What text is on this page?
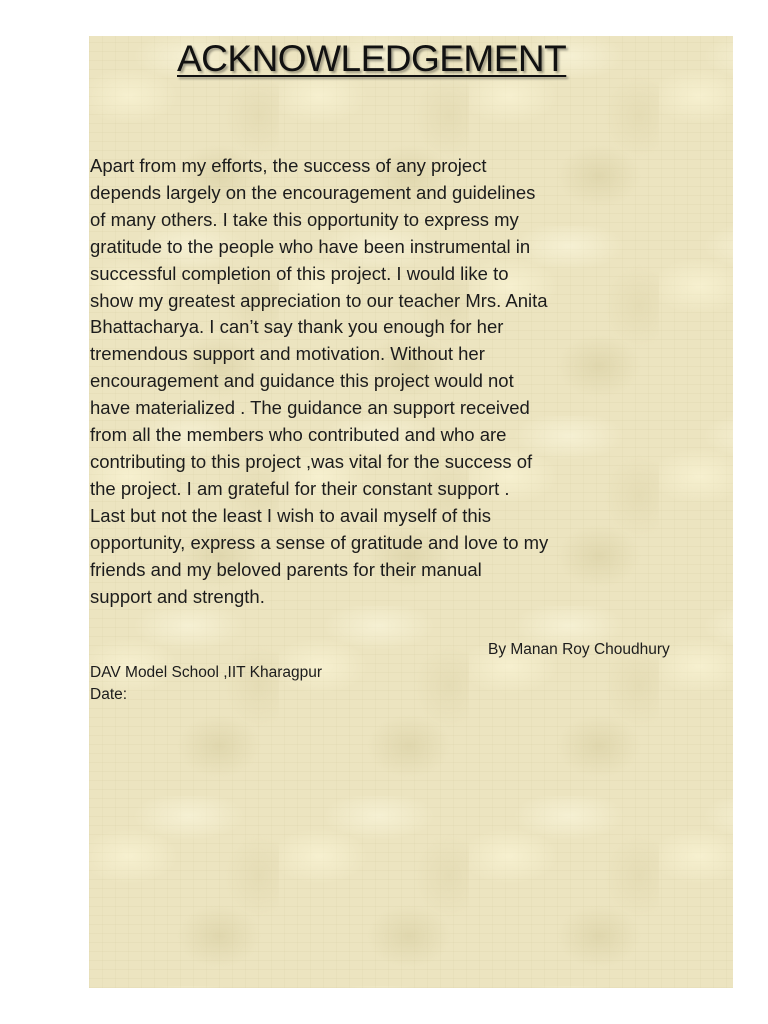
ACKNOWLEDGEMENT

Apart from my efforts, the success of any project
depends largely on the encouragement and guidelines
of many others. I take this opportunity to express my
gratitude to the people who have been instrumental in
successful completion of this project. I would like to
show my greatest appreciation to our teacher Mrs. Anita
Bhattacharya. I can’t say thank you enough for her
tremendous support and motivation. Without her
encouragement and guidance this project would not
have materialized . The guidance an support received
from all the members who contributed and who are
contributing to this project ,was vital for the success of
the project. I am grateful for their constant support .
Last but not the least I wish to avail myself of this
opportunity, express a sense of gratitude and love to my
friends and my beloved parents for their manual
support and strength.

By Manan Roy Choudhury
DAV Model School ,IIT Kharagpur
Date:
